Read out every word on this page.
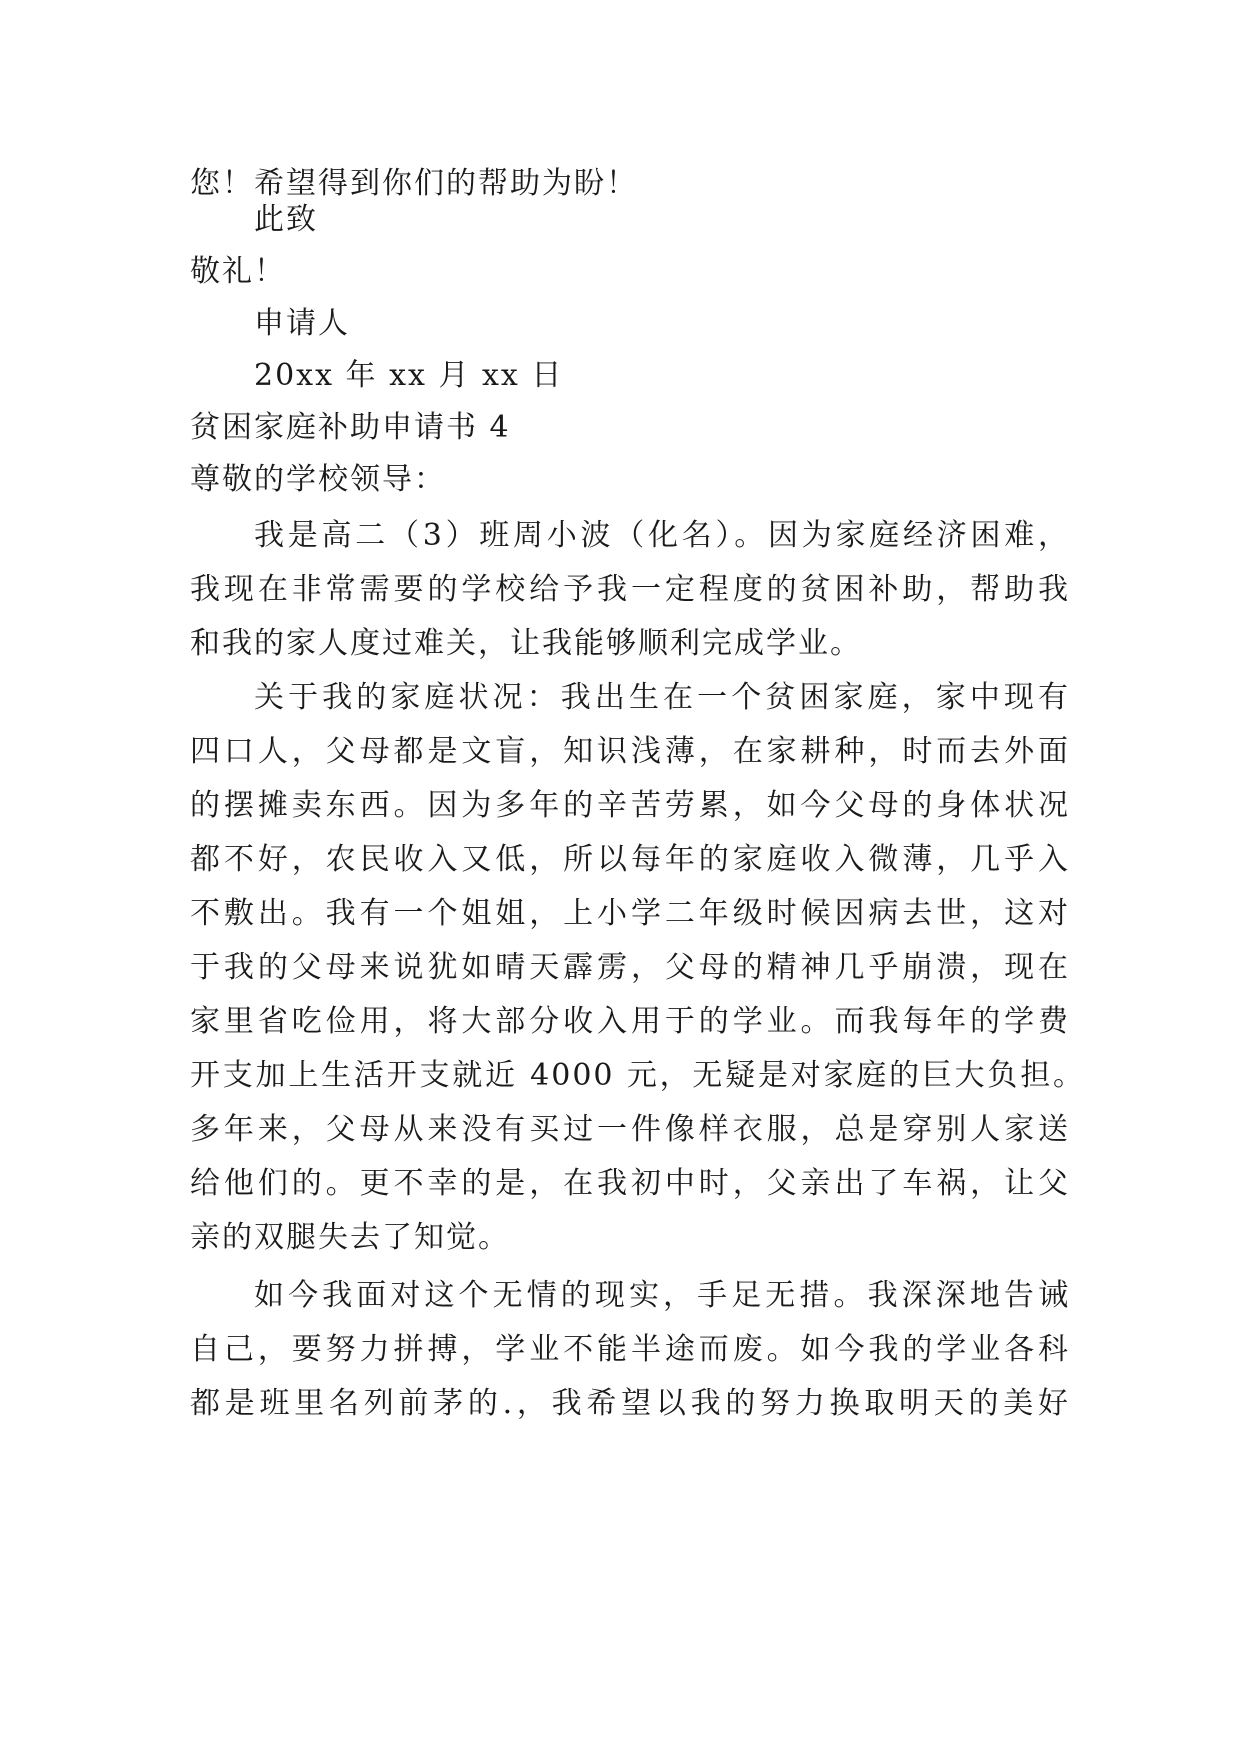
您！希望得到你们的帮助为盼！
此致
敬礼！
申请人
20xx 年 xx 月 xx 日
贫困家庭补助申请书 4
尊敬的学校领导：
我是高二（3）班周小波（化名）。因为家庭经济困难，
我现在非常需要的学校给予我一定程度的贫困补助，帮助我
和我的家人度过难关，让我能够顺利完成学业。
关于我的家庭状况：我出生在一个贫困家庭，家中现有
四口人，父母都是文盲，知识浅薄，在家耕种，时而去外面
的摆摊卖东西。因为多年的辛苦劳累，如今父母的身体状况
都不好，农民收入又低，所以每年的家庭收入微薄，几乎入
不敷出。我有一个姐姐，上小学二年级时候因病去世，这对
于我的父母来说犹如晴天霹雳，父母的精神几乎崩溃，现在
家里省吃俭用，将大部分收入用于的学业。而我每年的学费
开支加上生活开支就近 4000 元，无疑是对家庭的巨大负担。
多年来，父母从来没有买过一件像样衣服，总是穿别人家送
给他们的。更不幸的是，在我初中时，父亲出了车祸，让父
亲的双腿失去了知觉。
如今我面对这个无情的现实，手足无措。我深深地告诫
自己，要努力拼搏，学业不能半途而废。如今我的学业各科
都是班里名列前茅的.，我希望以我的努力换取明天的美好
